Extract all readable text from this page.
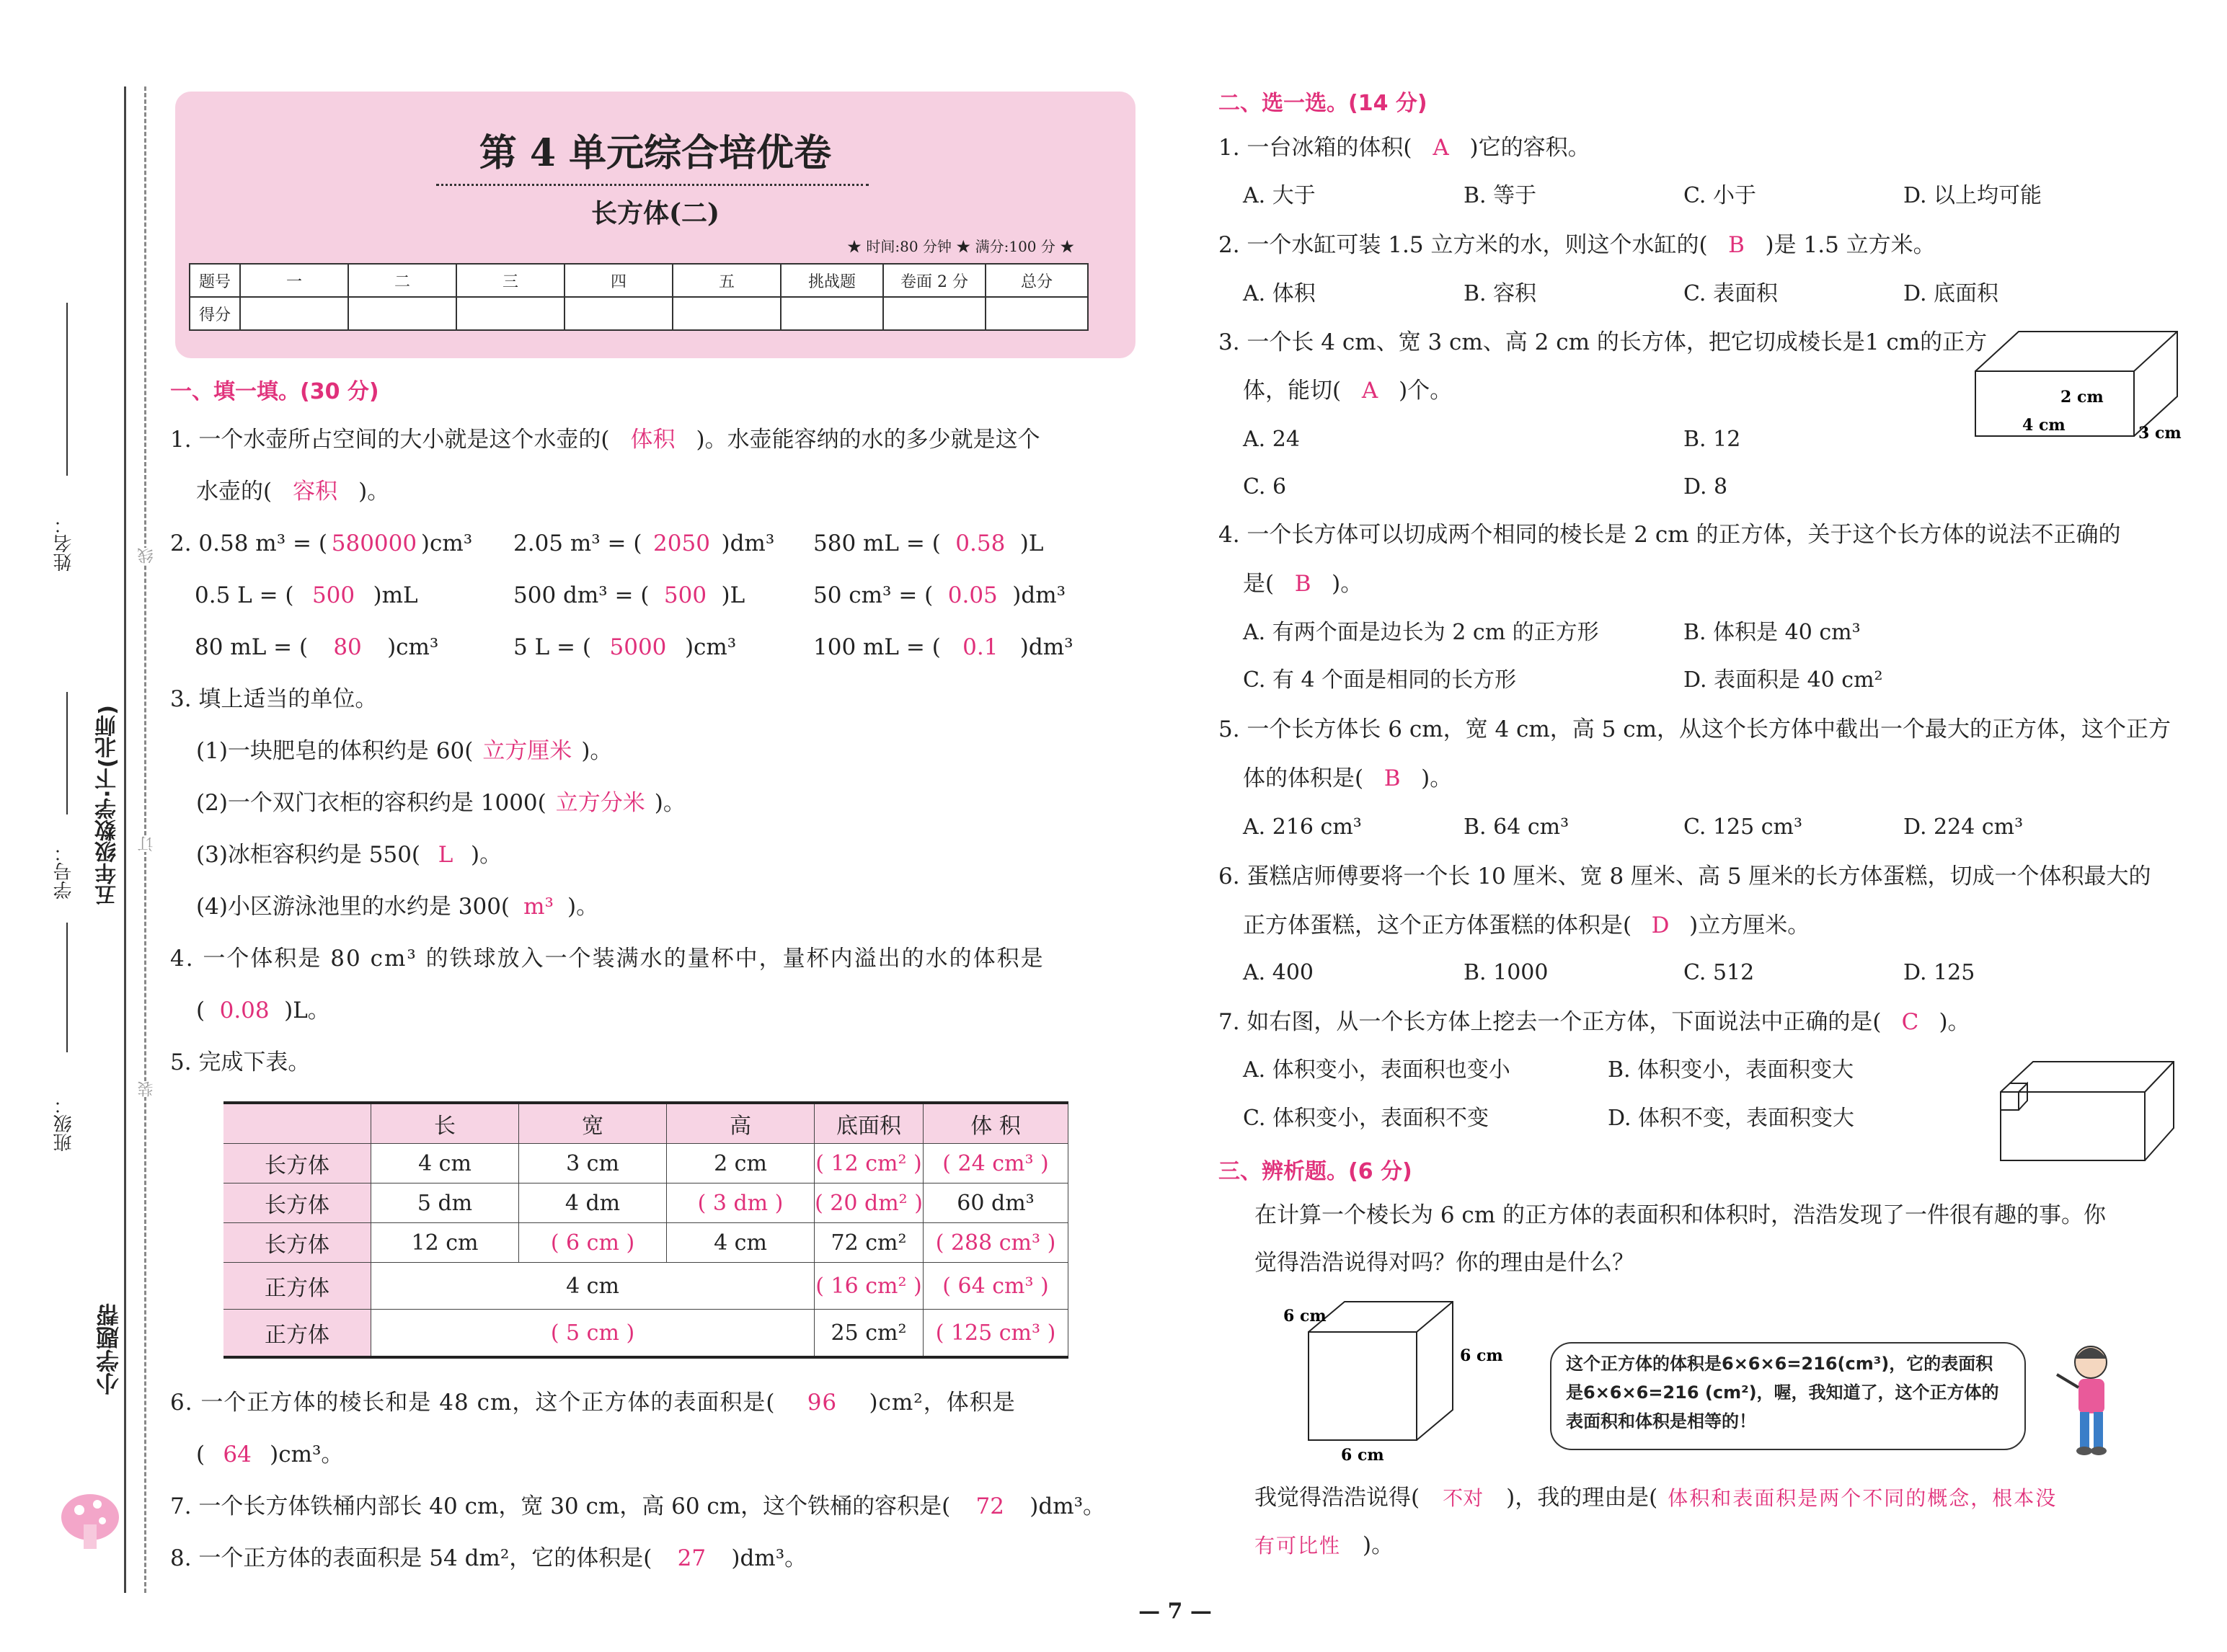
姓名：
学号：
班级：
五年级数学·下(北师)
小学题帮
线
订
装
第 4 单元综合培优卷
长方体(二)
★ 时间:80 分钟 ★ 满分:100 分 ★
题号	一	二	三	四	五	挑战题	卷面 2 分	总分
得分								
一、填一填。(30 分)
1. 一个水壶所占空间的大小就是这个水壶的( 体积 )。水壶能容纳的水的多少就是这个
水壶的( 容积 )。
2. 0.58 m³ = ( 580000 )cm³ 2.05 m³ = ( 2050 )dm³ 580 mL = ( 0.58 )L
0.5 L = ( 500 )mL	500 dm³ = ( 500 )L	50 cm³ = ( 0.05 )dm³
80 mL = ( 80 )cm³	5 L = ( 5000 )cm³	100 mL = ( 0.1 )dm³
3. 填上适当的单位。
(1)一块肥皂的体积约是 60( 立方厘米 )。
(2)一个双门衣柜的容积约是 1000( 立方分米 )。
(3)冰柜容积约是 550( L )。
(4)小区游泳池里的水约是 300( m³ )。
4. 一个体积是 80 cm³ 的铁球放入一个装满水的量杯中，量杯内溢出的水的体积是
( 0.08 )L。
5. 完成下表。
	长	宽	高	底面积	体 积
长方体	4 cm	3 cm	2 cm	( 12 cm² )	( 24 cm³ )
长方体	5 dm	4 dm	( 3 dm )	( 20 dm² )	60 dm³
长方体	12 cm	( 6 cm )	4 cm	72 cm²	( 288 cm³ )
正方体	4 cm			( 16 cm² )	( 64 cm³ )
正方体	( 5 cm )			25 cm²	( 125 cm³ )
6. 一个正方体的棱长和是 48 cm，这个正方体的表面积是( 96 )cm²，体积是
( 64 )cm³。
7. 一个长方体铁桶内部长 40 cm，宽 30 cm，高 60 cm，这个铁桶的容积是( 72 )dm³。
8. 一个正方体的表面积是 54 dm²，它的体积是( 27 )dm³。
二、选一选。(14 分)
1. 一台冰箱的体积( A )它的容积。
A. 大于	B. 等于	C. 小于	D. 以上均可能
2. 一个水缸可装 1.5 立方米的水，则这个水缸的( B )是 1.5 立方米。
A. 体积	B. 容积	C. 表面积	D. 底面积
3. 一个长 4 cm、宽 3 cm、高 2 cm 的长方体，把它切成棱长是1 cm的正方
体，能切( A )个。
A. 24	B. 12
C. 6	D. 8
2 cm
4 cm	3 cm
4. 一个长方体可以切成两个相同的棱长是 2 cm 的正方体，关于这个长方体的说法不正确的
是( B )。
A. 有两个面是边长为 2 cm 的正方形	B. 体积是 40 cm³
C. 有 4 个面是相同的长方形	D. 表面积是 40 cm²
5. 一个长方体长 6 cm，宽 4 cm，高 5 cm，从这个长方体中截出一个最大的正方体，这个正方
体的体积是( B )。
A. 216 cm³	B. 64 cm³	C. 125 cm³	D. 224 cm³
6. 蛋糕店师傅要将一个长 10 厘米、宽 8 厘米、高 5 厘米的长方体蛋糕，切成一个体积最大的
正方体蛋糕，这个正方体蛋糕的体积是( D )立方厘米。
A. 400	B. 1000	C. 512	D. 125
7. 如右图，从一个长方体上挖去一个正方体，下面说法中正确的是( C )。
A. 体积变小，表面积也变小	B. 体积变小，表面积变大
C. 体积变小，表面积不变	D. 体积不变，表面积变大
三、辨析题。(6 分)
在计算一个棱长为 6 cm 的正方体的表面积和体积时，浩浩发现了一件很有趣的事。你
觉得浩浩说得对吗？你的理由是什么？
6 cm
6 cm
6 cm
这个正方体的体积是6×6×6=216(cm³)，它的表面积是6×6×6=216 (cm²)，喔，我知道了，这个正方体的表面积和体积是相等的！
我觉得浩浩说得( 不对 )，我的理由是( 体积和表面积是两个不同的概念，根本没
有可比性 )。
— 7 —
